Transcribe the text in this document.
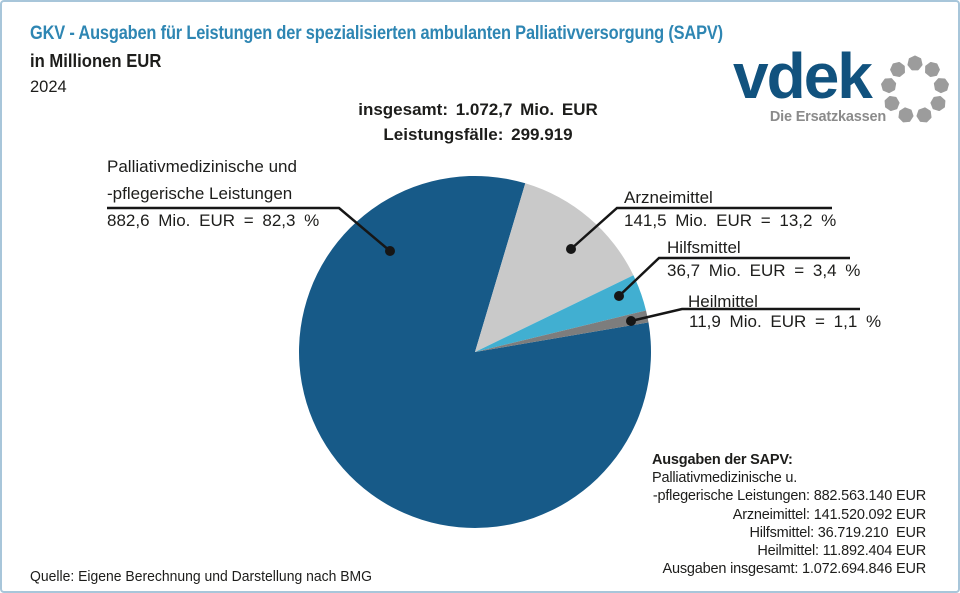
GKV - Ausgaben für Leistungen der spezialisierten ambulanten Palliativversorgung (SAPV)
in Millionen EUR
2024
insgesamt: 1.072,7 Mio. EUR
Leistungsfälle: 299.919
vdek
Die Ersatzkassen
Palliativmedizinische und
-pflegerische Leistungen
882,6 Mio. EUR = 82,3 %
Arzneimittel
141,5 Mio. EUR = 13,2 %
Hilfsmittel
36,7 Mio. EUR = 3,4 %
Heilmittel
11,9 Mio. EUR = 1,1 %
Ausgaben der SAPV:
Palliativmedizinische u.
-pflegerische Leistungen: 882.563.140 EUR
Arzneimittel: 141.520.092 EUR
Hilfsmittel: 36.719.210  EUR
Heilmittel: 11.892.404 EUR
Ausgaben insgesamt: 1.072.694.846 EUR
Quelle: Eigene Berechnung und Darstellung nach BMG
